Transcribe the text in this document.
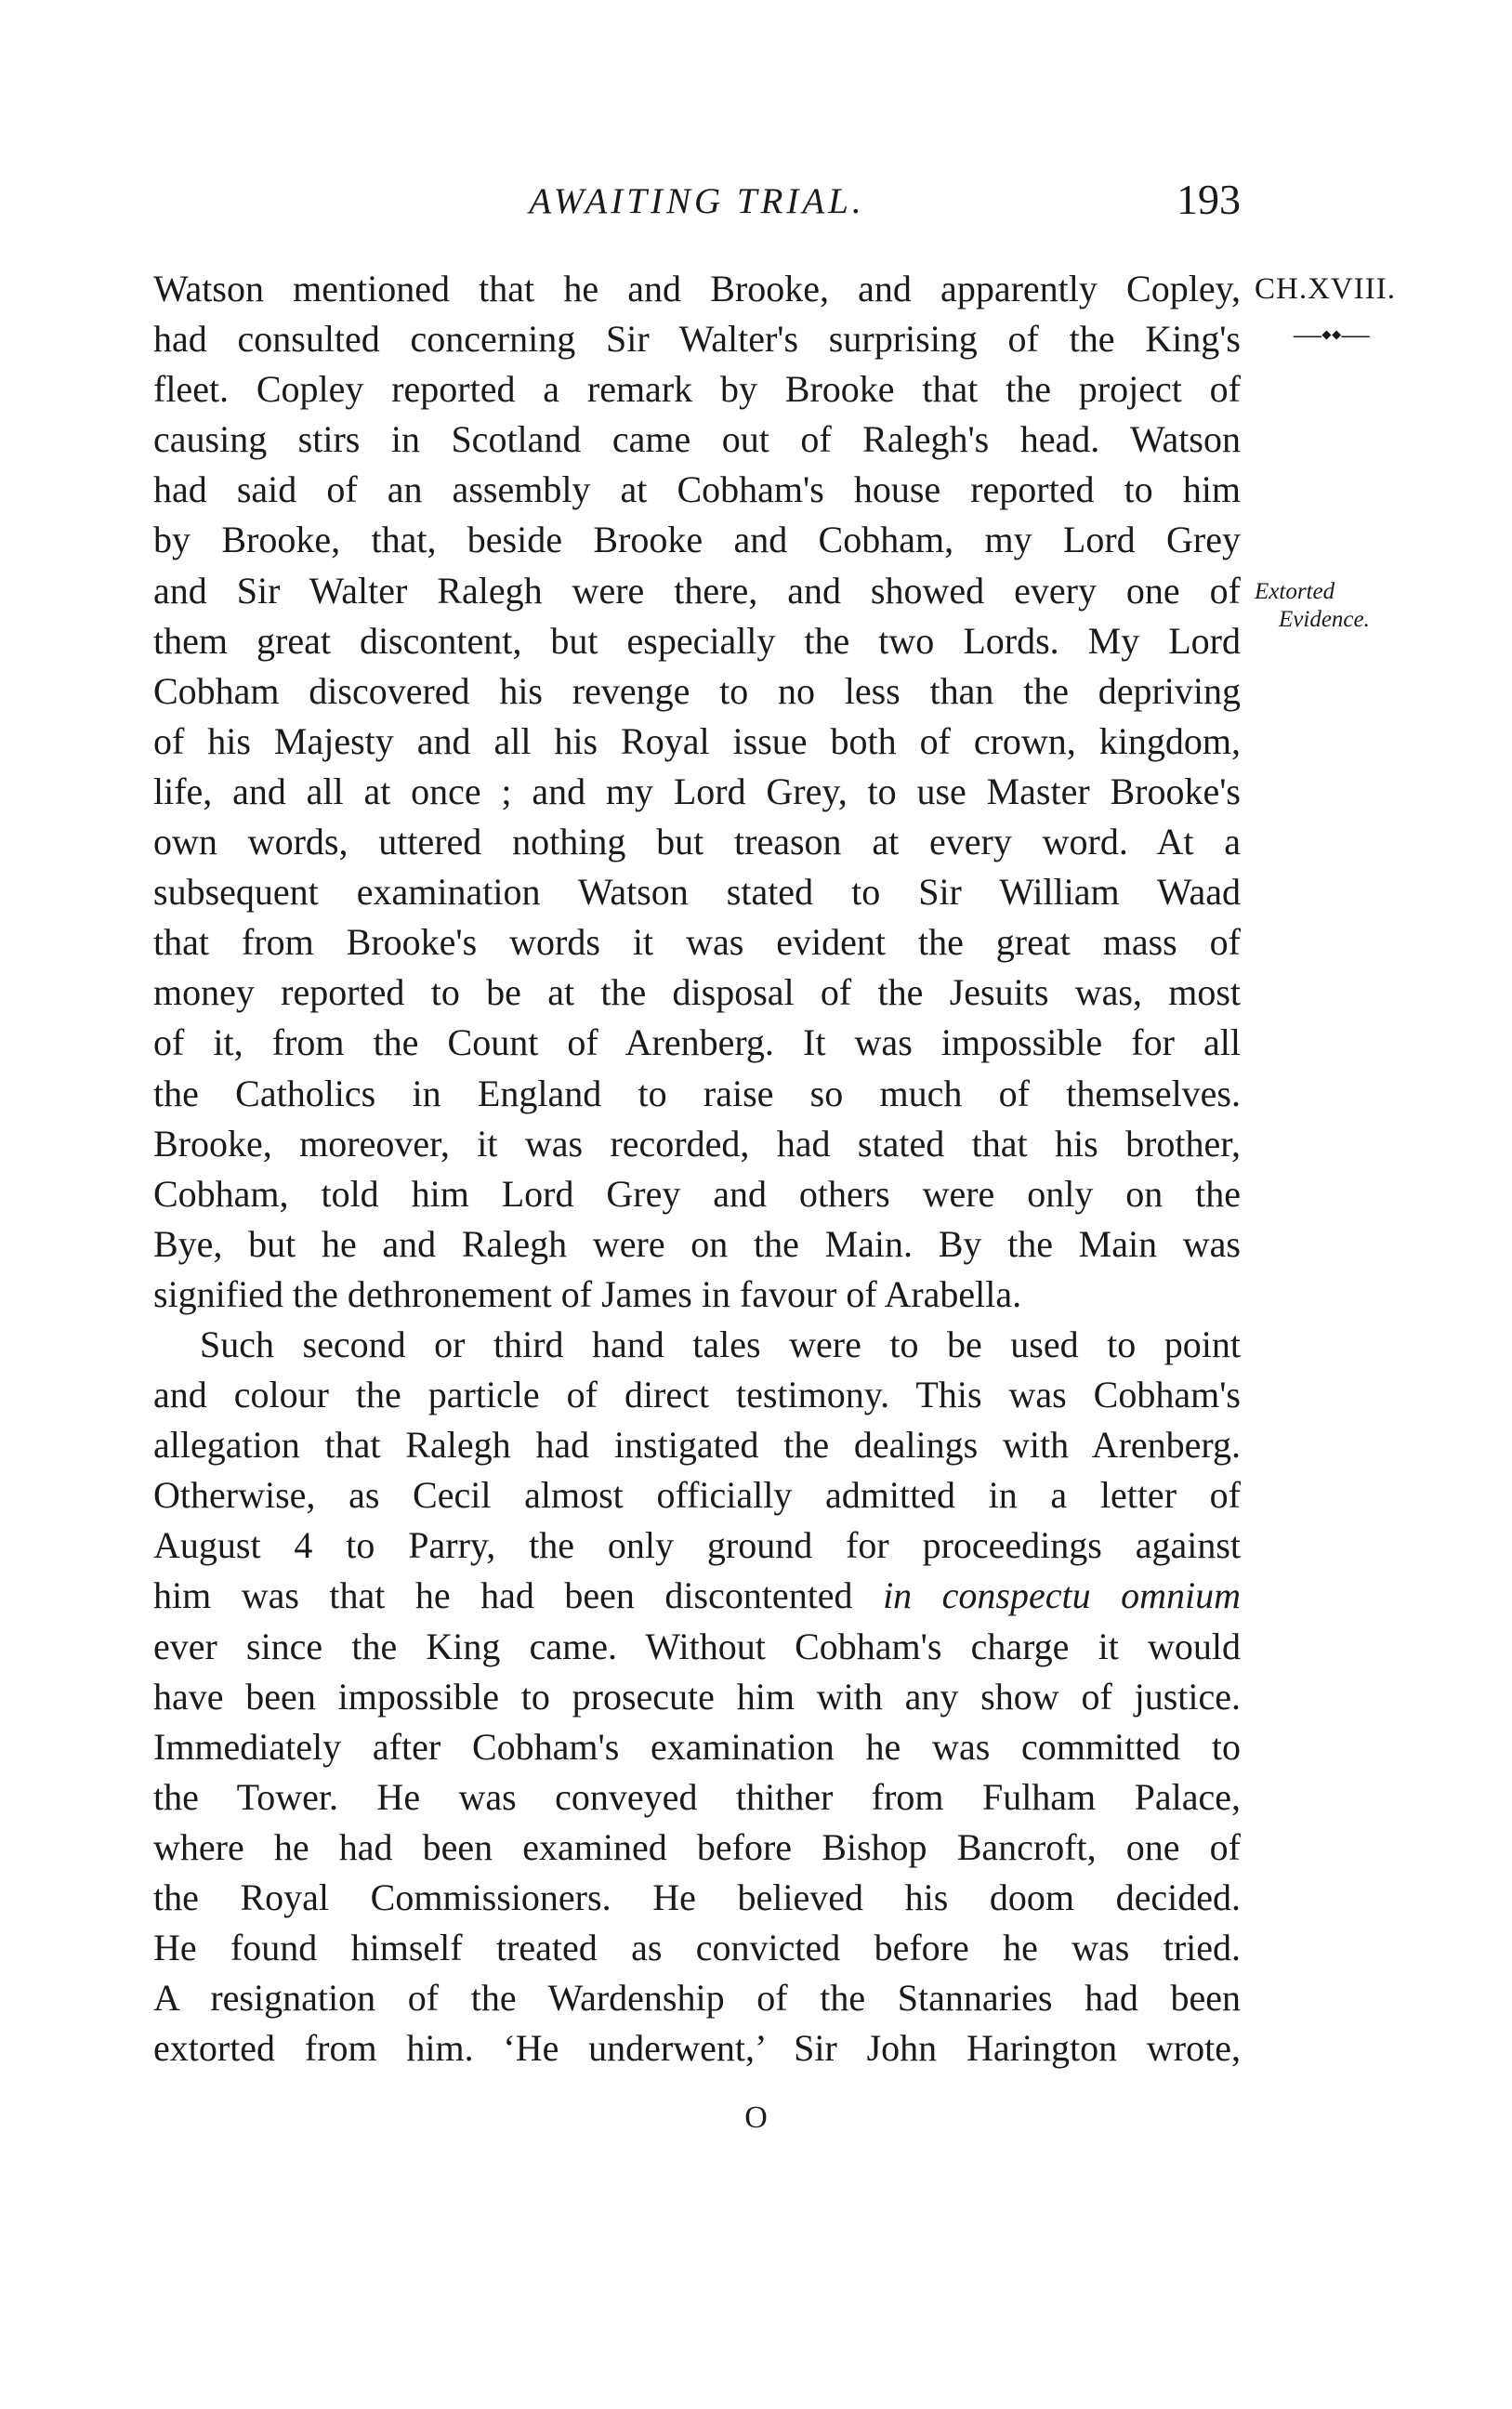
AWAITING TRIAL.	193
Watson mentioned that he and Brooke, and apparently Copley,
had consulted concerning Sir Walter's surprising of the King's
fleet. Copley reported a remark by Brooke that the project of
causing stirs in Scotland came out of Ralegh's head. Watson
had said of an assembly at Cobham's house reported to him
by Brooke, that, beside Brooke and Cobham, my Lord Grey
and Sir Walter Ralegh were there, and showed every one of
them great discontent, but especially the two Lords. My Lord
Cobham discovered his revenge to no less than the depriving
of his Majesty and all his Royal issue both of crown, kingdom,
life, and all at once ; and my Lord Grey, to use Master Brooke's
own words, uttered nothing but treason at every word. At a
subsequent examination Watson stated to Sir William Waad
that from Brooke's words it was evident the great mass of
money reported to be at the disposal of the Jesuits was, most
of it, from the Count of Arenberg. It was impossible for all
the Catholics in England to raise so much of themselves.
Brooke, moreover, it was recorded, had stated that his brother,
Cobham, told him Lord Grey and others were only on the
Bye, but he and Ralegh were on the Main. By the Main was
signified the dethronement of James in favour of Arabella.
Such second or third hand tales were to be used to point
and colour the particle of direct testimony. This was Cobham's
allegation that Ralegh had instigated the dealings with Arenberg.
Otherwise, as Cecil almost officially admitted in a letter of
August 4 to Parry, the only ground for proceedings against
him was that he had been discontented in conspectu omnium
ever since the King came. Without Cobham's charge it would
have been impossible to prosecute him with any show of justice.
Immediately after Cobham's examination he was committed to
the Tower. He was conveyed thither from Fulham Palace,
where he had been examined before Bishop Bancroft, one of
the Royal Commissioners. He believed his doom decided.
He found himself treated as convicted before he was tried.
A resignation of the Wardenship of the Stannaries had been
extorted from him. ‘He underwent,’ Sir John Harington wrote,
CH.XVIII.
—⬩⬩—
Extorted
Evidence.
O
